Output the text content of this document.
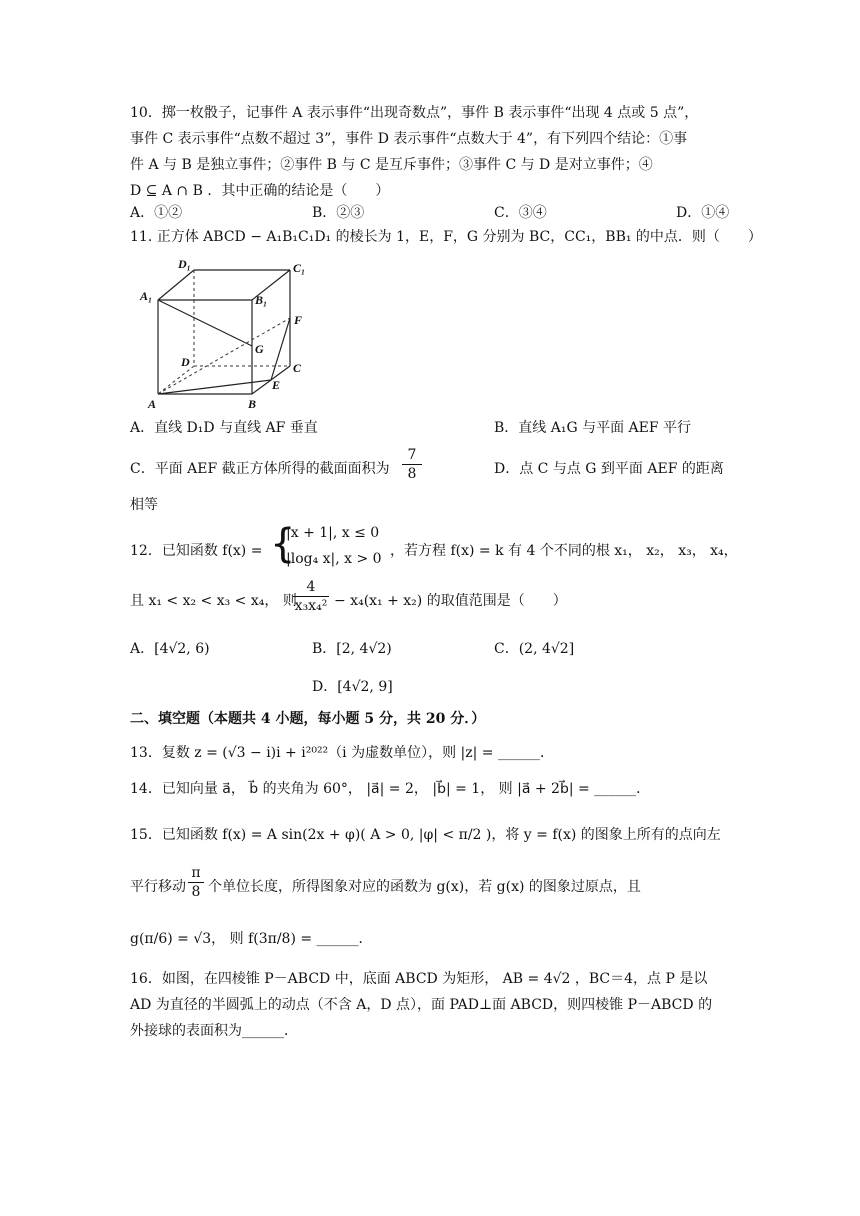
10．掷一枚骰子，记事件 A 表示事件“出现奇数点”，事件 B 表示事件“出现 4 点或 5 点”，
事件 C 表示事件“点数不超过 3”，事件 D 表示事件“点数大于 4”，有下列四个结论：①事
件 A 与 B 是独立事件；②事件 B 与 C 是互斥事件；③事件 C 与 D 是对立事件；④
D ⊆ A ∩ B ．其中正确的结论是（　　）
A．①②	B．②③	C．③④	D．①④
11. 正方体 ABCD − A₁B₁C₁D₁ 的棱长为 1，E，F，G 分别为 BC，CC₁，BB₁ 的中点．则（　　）
D₁	C₁
A₁	B₁
F
G
D	C
E
A	B
A．直线 D₁D 与直线 AF 垂直	B．直线 A₁G 与平面 AEF 平行
C．平面 AEF 截正方体所得的截面面积为 $\frac{7}{8}$	D．点 C 与点 G 到平面 AEF 的距离
相等
12．已知函数 f(x) = {
|x + 1|, x ≤ 0
|log₄ x|, x > 0 ，若方程 f(x) = k 有 4 个不同的根 x₁， x₂， x₃， x₄，
且 x₁ < x₂ < x₃ < x₄， 则
$\frac{4}{\text{x₃x₄²}} - x_4(x_1 + x_2)$ 的取值范围是（　　）
A．[4√2, 6)	B．[2, 4√2)	C．(2, 4√2]
D．[4√2, 9]
二、填空题（本题共 4 小题，每小题 5 分，共 20 分．）
13．复数 z = (√3 − i)i + i²⁰²²（i 为虚数单位），则 |z| = ______．
14．已知向量 a⃗， b⃗ 的夹角为 60°， |a⃗| = 2， |b⃗| = 1， 则 |a⃗ + 2b⃗| = ______．
15．已知函数 f(x) = A sin(2x + φ)( A > 0, |φ| < π/2 )，将 y = f(x) 的图象上所有的点向左
平行移动 $\frac{\pi}{8}$ 个单位长度，所得图象对应的函数为 g(x)，若 g(x) 的图象过原点，且
g(π/6) = √3， 则 f(3π/8) = ______．
16．如图，在四棱锥 P－ABCD 中，底面 ABCD 为矩形， AB = 4√2 ，BC＝4，点 P 是以
AD 为直径的半圆弧上的动点（不含 A，D 点），面 PAD⊥面 ABCD，则四棱锥 P－ABCD 的
外接球的表面积为______．
